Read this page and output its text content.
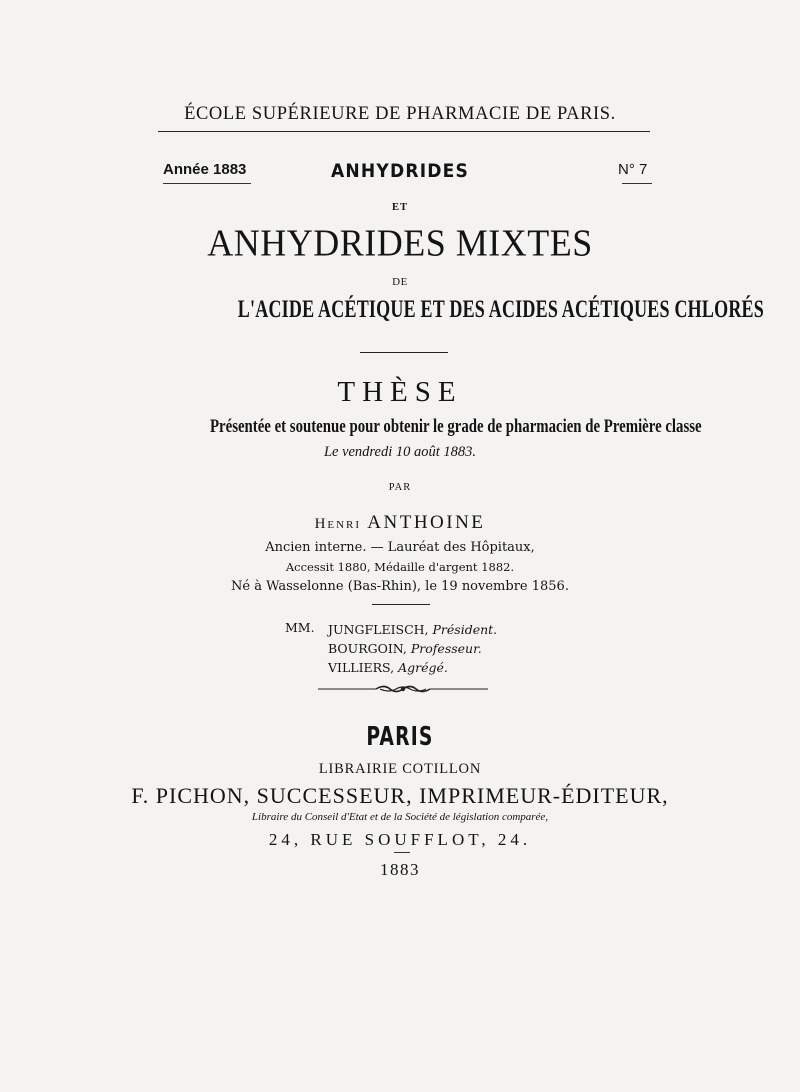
ÉCOLE SUPÉRIEURE DE PHARMACIE DE PARIS.
Année 1883	N° 7
ANHYDRIDES
ET
ANHYDRIDES MIXTES
DE
L'ACIDE ACÉTIQUE ET DES ACIDES ACÉTIQUES CHLORÉS
THÈSE
Présentée et soutenue pour obtenir le grade de pharmacien de Première classe
Le vendredi 10 août 1883.
PAR
Henri ANTHOINE
Ancien interne. — Lauréat des Hôpitaux,
Accessit 1880, Médaille d'argent 1882.
Né à Wasselonne (Bas-Rhin), le 19 novembre 1856.
MM. JUNGFLEISCH, Président.
BOURGOIN, Professeur.
VILLIERS, Agrégé.
PARIS
LIBRAIRIE COTILLON
F. PICHON, SUCCESSEUR, IMPRIMEUR-ÉDITEUR,
Libraire du Conseil d'Etat et de la Société de législation comparée,
24, RUE SOUFFLOT, 24.
1883
